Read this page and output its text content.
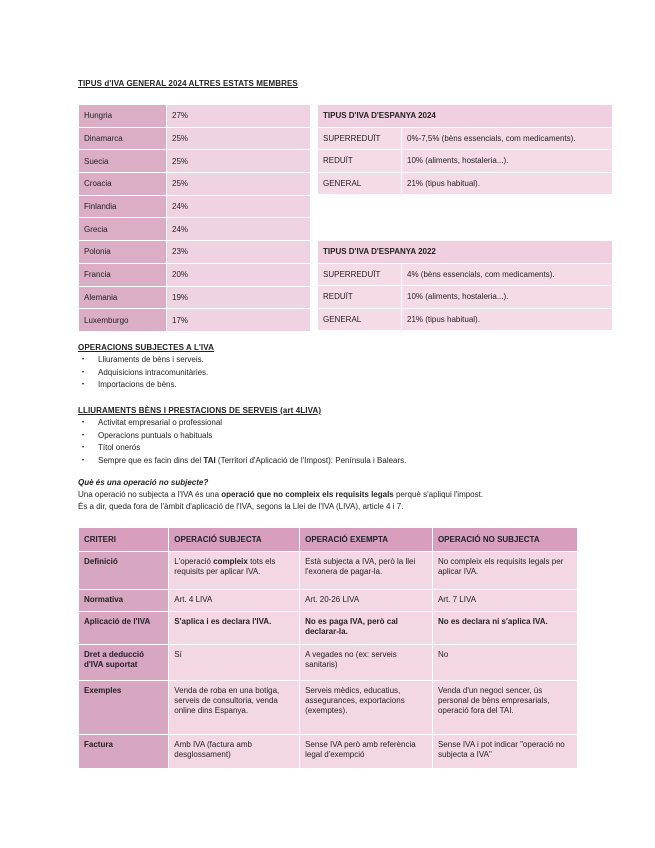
TIPUS d'IVA GENERAL 2024 ALTRES ESTATS MEMBRES
Hungria	27%
Dinamarca	25%
Suecia	25%
Croacia	25%
Finlandia	24%
Grecia	24%
Polonia	23%
Francia	20%
Alemania	19%
Luxemburgo	17%
TIPUS D'IVA D'ESPANYA 2024	
SUPERREDUÏT	0%-7,5% (bèns essencials, com medicaments).
REDUÏT	10% (aliments, hostaleria...).
GENERAL	21% (tipus habitual).
TIPUS D'IVA D'ESPANYA 2022	
SUPERREDUÏT	4% (bèns essencials, com medicaments).
REDUÏT	10% (aliments, hostaleria...).
GENERAL	21% (tipus habitual).
OPERACIONS SUBJECTES A L'IVA
• Lliuraments de bèns i serveis.
• Adquisicions intracomunitàries.
• Importacions de bèns.
LLIURAMENTS BÈNS I PRESTACIONS DE SERVEIS (art 4LIVA)
• Activitat empresarial o professional
• Operacions puntuals o habituals
• Títol onerós
• Sempre que es facin dins del TAI (Territori d'Aplicació de l'Impost): Península i Balears.
Què és una operació no subjecte?
Una operació no subjecta a l'IVA és una operació que no compleix els requisits legals perquè s'apliqui l'impost.
És a dir, queda fora de l'àmbit d'aplicació de l'IVA, segons la Llei de l'IVA (LIVA), article 4 i 7.
CRITERI	OPERACIÓ SUBJECTA	OPERACIÓ EXEMPTA	OPERACIÓ NO SUBJECTA
Definició	L'operació compleix tots els requisits per aplicar IVA.	Està subjecta a IVA, però la llei l'exonera de pagar-la.	No compleix els requisits legals per aplicar IVA.
Normativa	Art. 4 LIVA	Art. 20-26 LIVA	Art. 7 LIVA
Aplicació de l'IVA	S'aplica i es declara l'IVA.	No es paga IVA, però cal declarar-la.	No es declara ni s'aplica IVA.
Dret a deducció d'IVA suportat	Sí	A vegades no (ex: serveis sanitaris)	No
Exemples	Venda de roba en una botiga, serveis de consultoria, venda online dins Espanya.	Serveis mèdics, educatius, assegurances, exportacions (exemptes).	Venda d'un negoci sencer, ús personal de bèns empresarials, operació fora del TAI.
Factura	Amb IVA (factura amb desglossament)	Sense IVA però amb referència legal d'exempció	Sense IVA i pot indicar "operació no subjecta a IVA"
